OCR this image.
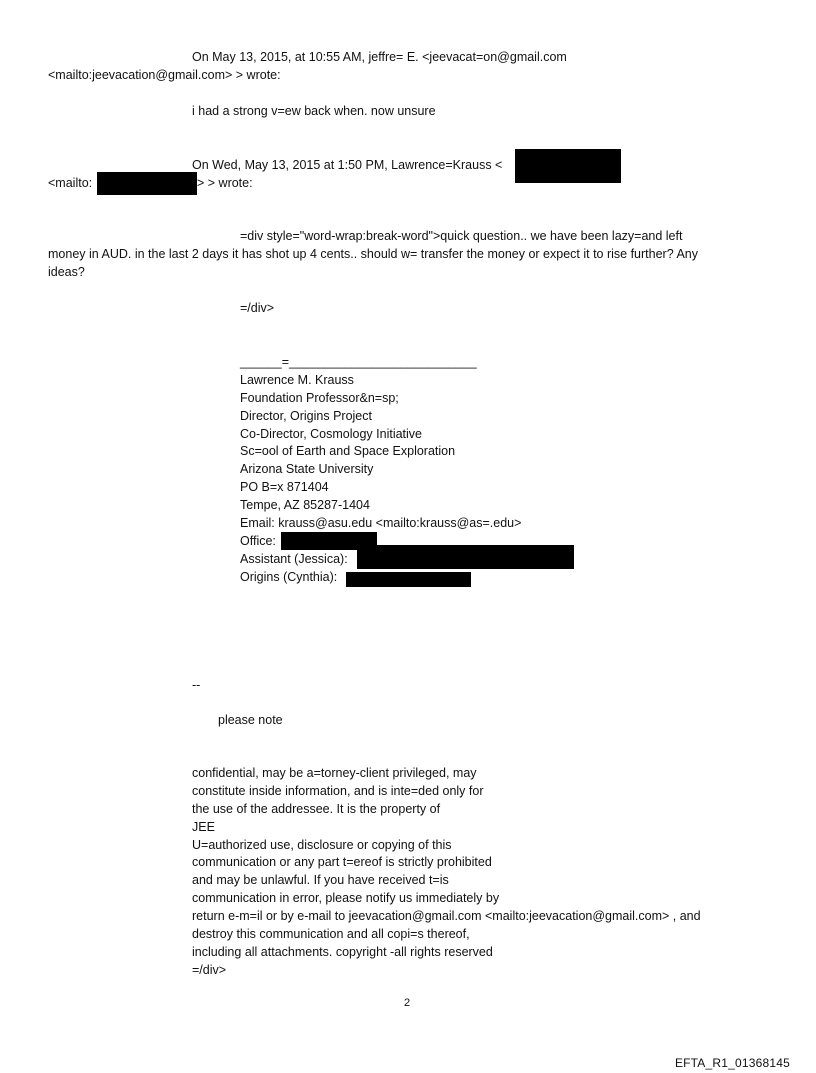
On May 13, 2015, at 10:55 AM, jeffre= E. <jeevacat=on@gmail.com
<mailto:jeevacation@gmail.com> > wrote:
i had a strong v=ew back when. now unsure
On Wed, May 13, 2015 at 1:50 PM, Lawrence=Krauss <
<mailto:	> > wrote:
=div style="word-wrap:break-word">quick question.. we have been lazy=and left
money in AUD. in the last 2 days it has shot up 4 cents.. should w= transfer the money or expect it to rise further? Any
ideas?
=/div>
______=___________________________
Lawrence M. Krauss
Foundation Professor&n=sp;
Director, Origins Project
Co-Director, Cosmology Initiative
Sc=ool of Earth and Space Exploration
Arizona State University
PO B=x 871404
Tempe, AZ 85287-1404
Email: krauss@asu.edu <mailto:krauss@as=.edu>
Office:
Assistant (Jessica):
Origins (Cynthia):
--
please note
confidential, may be a=torney-client privileged, may
constitute inside information, and is inte=ded only for
the use of the addressee. It is the property of
JEE
U=authorized use, disclosure or copying of this
communication or any part t=ereof is strictly prohibited
and may be unlawful. If you have received t=is
communication in error, please notify us immediately by
return e-m=il or by e-mail to jeevacation@gmail.com <mailto:jeevacation@gmail.com> , and
destroy this communication and all copi=s thereof,
including all attachments. copyright -all rights reserved
=/div>
2
EFTA_R1_01368145
